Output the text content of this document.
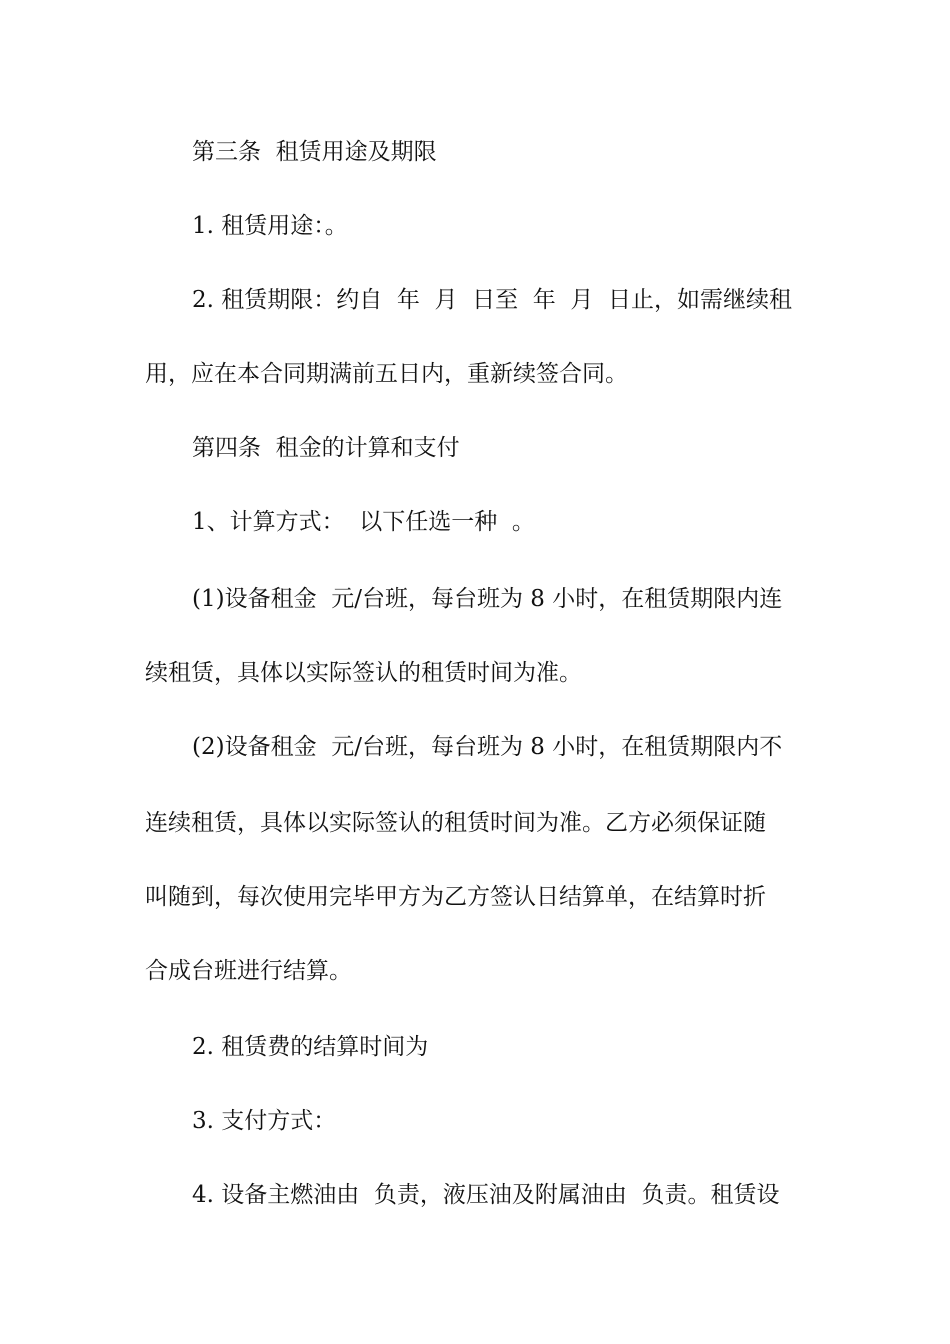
第三条  租赁用途及期限
1. 租赁用途：。
2. 租赁期限：约自  年  月  日至  年  月  日止，如需继续租
用，应在本合同期满前五日内，重新续签合同。
第四条  租金的计算和支付
1、计算方式：  以下任选一种  。
(1)设备租金  元/台班，每台班为 8 小时，在租赁期限内连
续租赁，具体以实际签认的租赁时间为准。
(2)设备租金  元/台班，每台班为 8 小时，在租赁期限内不
连续租赁，具体以实际签认的租赁时间为准。乙方必须保证随
叫随到，每次使用完毕甲方为乙方签认日结算单，在结算时折
合成台班进行结算。
2. 租赁费的结算时间为
3. 支付方式：
4. 设备主燃油由  负责，液压油及附属油由  负责。租赁设
